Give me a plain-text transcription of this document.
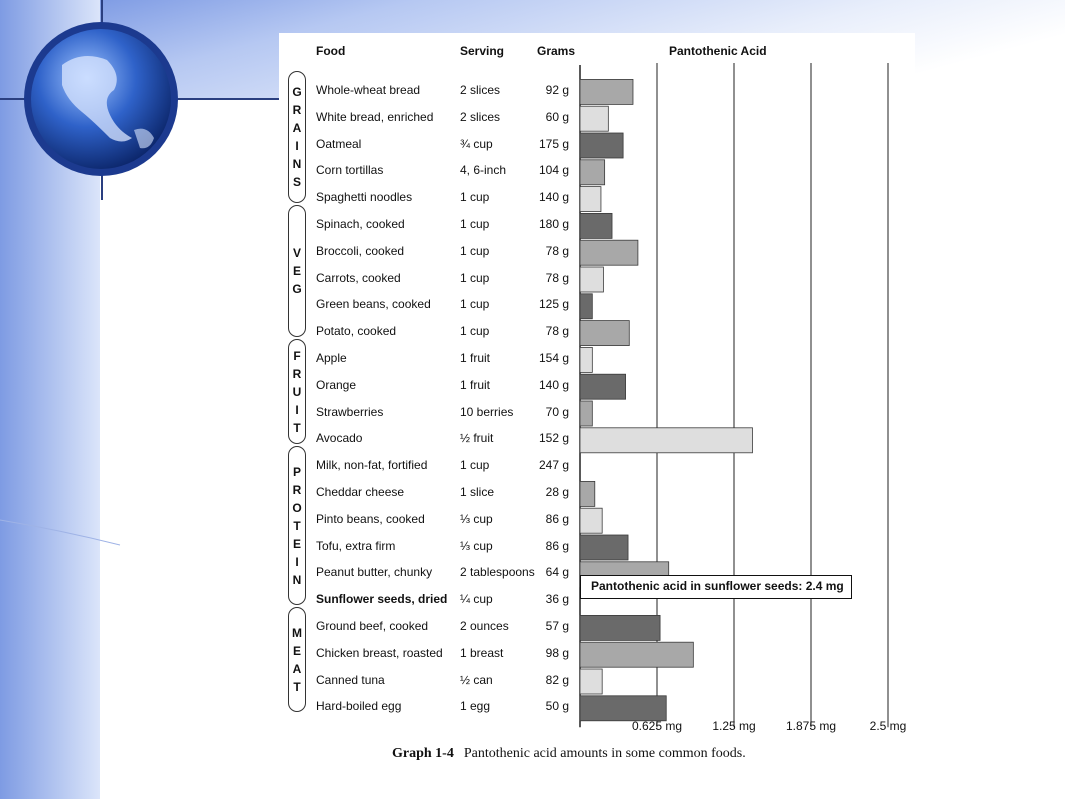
Food	Serving	Grams	Pantothenic Acid
Whole-wheat bread	2 slices	92 g
White bread, enriched 2 slices	60 g
Oatmeal	¾ cup	175 g
Corn tortillas	4, 6-inch	104 g
Spaghetti noodles	1 cup	140 g
Spinach, cooked	1 cup	180 g
Broccoli, cooked	1 cup	78 g
Carrots, cooked	1 cup	78 g
Green beans, cooked 1 cup	125 g
Potato, cooked	1 cup	78 g
Apple	1 fruit	154 g
Orange	1 fruit	140 g
Strawberries	10 berries	70 g
Avocado	½ fruit	152 g
Milk, non-fat, fortified	1 cup	247 g
Cheddar cheese	1 slice	28 g
Pinto beans, cooked	⅓ cup	86 g
Tofu, extra firm	⅓ cup	86 g
Peanut butter, chunky 2 tablespoons 64 g
Sunflower seeds, dried ¼ cup	36 g
Ground beef, cooked	2 ounces	57 g
Chicken breast, roasted 1 breast	98 g
Canned tuna	½ can	82 g
Hard-boiled egg	1 egg	50 g
G
R
A
I
N
S
V
E
G
F
R
U
I
T
P
R
O
T
E
I
N
M
E
A
T
0.625 mg	1.25 mg	1.875 mg	2.5 mg
Pantothenic acid in sunflower seeds: 2.4 mg
Graph 1-4 Pantothenic acid amounts in some common foods.
